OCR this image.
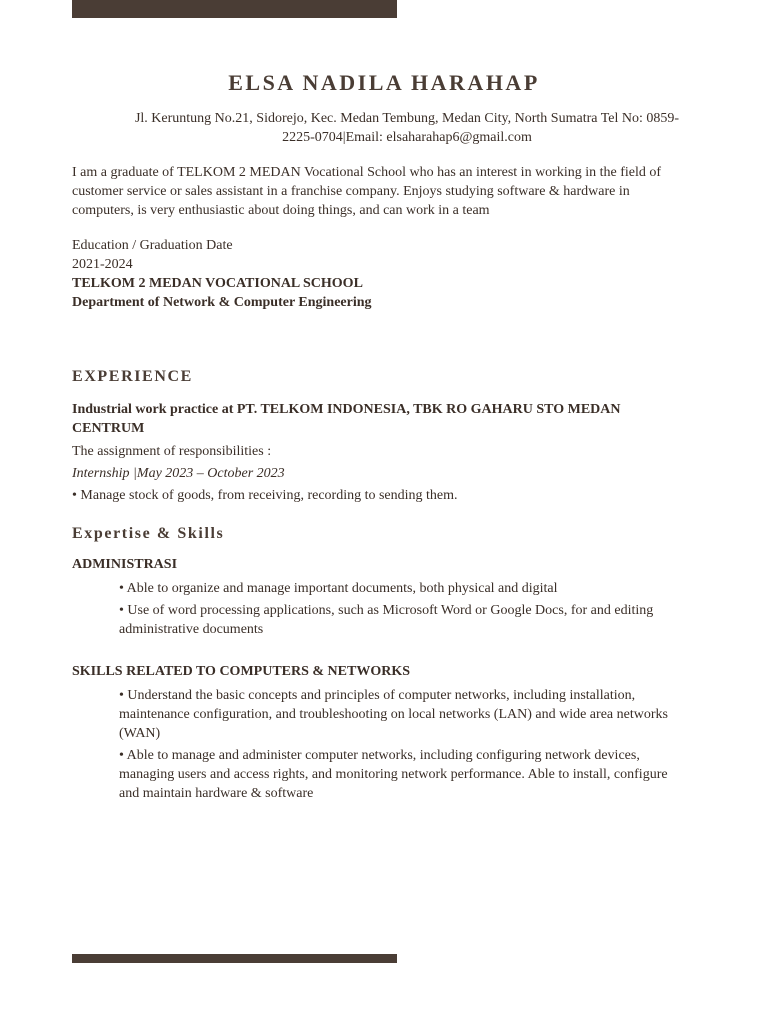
ELSA NADILA HARAHAP
Jl. Keruntung No.21, Sidorejo, Kec. Medan Tembung, Medan City, North Sumatra Tel No: 0859-2225-0704|Email: elsaharahap6@gmail.com
I am a graduate of TELKOM 2 MEDAN Vocational School who has an interest in working in the field of customer service or sales assistant in a franchise company. Enjoys studying software & hardware in computers, is very enthusiastic about doing things, and can work in a team
Education / Graduation Date
2021-2024
TELKOM 2 MEDAN VOCATIONAL SCHOOL
Department of Network & Computer Engineering
EXPERIENCE

Industrial work practice at PT. TELKOM INDONESIA, TBK RO GAHARU STO MEDAN CENTRUM

The assignment of responsibilities :

Internship |May 2023 – October 2023

• Manage stock of goods, from receiving, recording to sending them.

Expertise & Skills
ADMINISTRASI
• Able to organize and manage important documents, both physical and digital
• Use of word processing applications, such as Microsoft Word or Google Docs, for and editing administrative documents
SKILLS RELATED TO COMPUTERS & NETWORKS
• Understand the basic concepts and principles of computer networks, including installation, maintenance configuration, and troubleshooting on local networks (LAN) and wide area networks (WAN)
• Able to manage and administer computer networks, including configuring network devices, managing users and access rights, and monitoring network performance. Able to install, configure and maintain hardware & software
